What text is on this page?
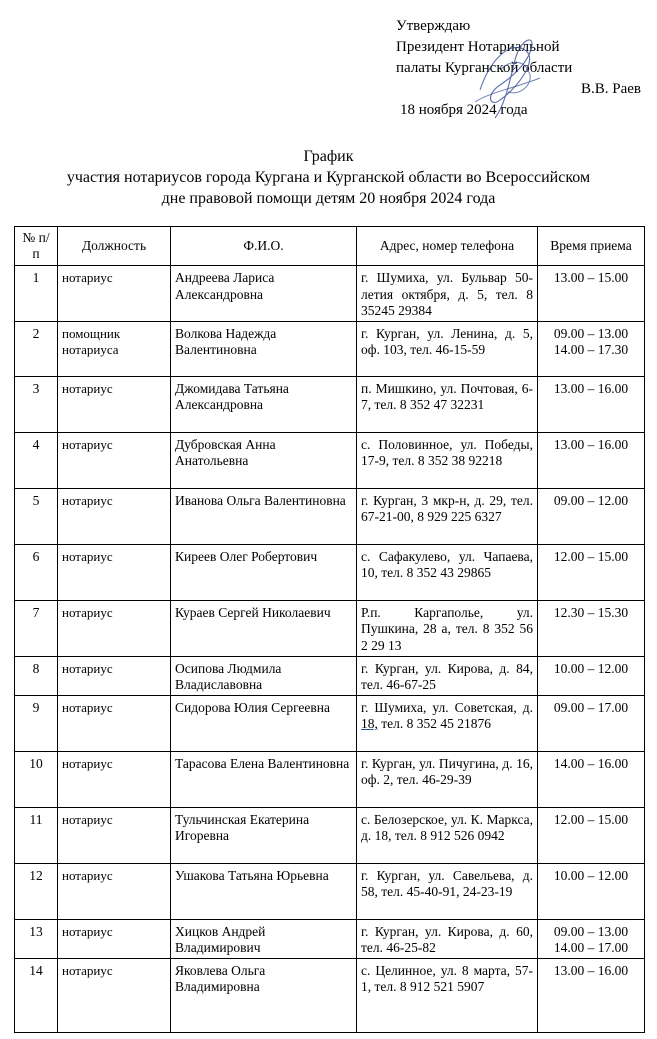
Утверждаю
Президент Нотариальной
палаты Курганской области
В.В. Раев
18 ноября 2024 года
График
участия нотариусов города Кургана и Курганской области во Всероссийском
дне правовой помощи детям 20 ноября 2024 года
№ п/п	Должность	Ф.И.О.	Адрес, номер телефона	Время приема
1	нотариус	Андреева Лариса Александровна	г. Шумиха, ул. Бульвар 50-летия октября, д. 5, тел. 8 35245 29384	13.00 – 15.00
2	помощник нотариуса	Волкова Надежда Валентиновна	г. Курган, ул. Ленина, д. 5, оф. 103, тел. 46-15-59	09.00 – 13.00
14.00 – 17.30

3	нотариус	Джомидава Татьяна Александровна	п. Мишкино, ул. Почтовая, 6-7, тел. 8 352 47 32231	13.00 – 16.00
4	нотариус	Дубровская Анна Анатольевна	с. Половинное, ул. Победы, 17-9, тел. 8 352 38 92218	13.00 – 16.00
5	нотариус	Иванова Ольга Валентиновна	г. Курган, 3 мкр-н, д. 29, тел. 67-21-00, 8 929 225 6327	09.00 – 12.00
6	нотариус	Киреев Олег Робертович	с. Сафакулево, ул. Чапаева, 10, тел. 8 352 43 29865	12.00 – 15.00
7	нотариус	Кураев Сергей Николаевич	Р.п. Каргаполье, ул. Пушкина, 28 а, тел. 8 352 56 2 29 13	12.30 – 15.30
8	нотариус	Осипова Людмила Владиславовна	г. Курган, ул. Кирова, д. 84, тел. 46-67-25	10.00 – 12.00
9	нотариус	Сидорова Юлия Сергеевна	г. Шумиха, ул. Советская, д. 18, тел. 8 352 45 21876	09.00 – 17.00
10	нотариус	Тарасова Елена Валентиновна	г. Курган, ул. Пичугина, д. 16, оф. 2, тел. 46-29-39	14.00 – 16.00
11	нотариус	Тульчинская Екатерина Игоревна	с. Белозерское, ул. К. Маркса, д. 18, тел. 8 912 526 0942	12.00 – 15.00
12	нотариус	Ушакова Татьяна Юрьевна	г. Курган, ул. Савельева, д. 58, тел. 45-40-91, 24-23-19	10.00 – 12.00
13	нотариус	Хицков Андрей Владимирович	г. Курган, ул. Кирова, д. 60, тел. 46-25-82	09.00 – 13.00
14.00 – 17.00

14	нотариус	Яковлева Ольга Владимировна	с. Целинное, ул. 8 марта, 57-1, тел. 8 912 521 5907	13.00 – 16.00
